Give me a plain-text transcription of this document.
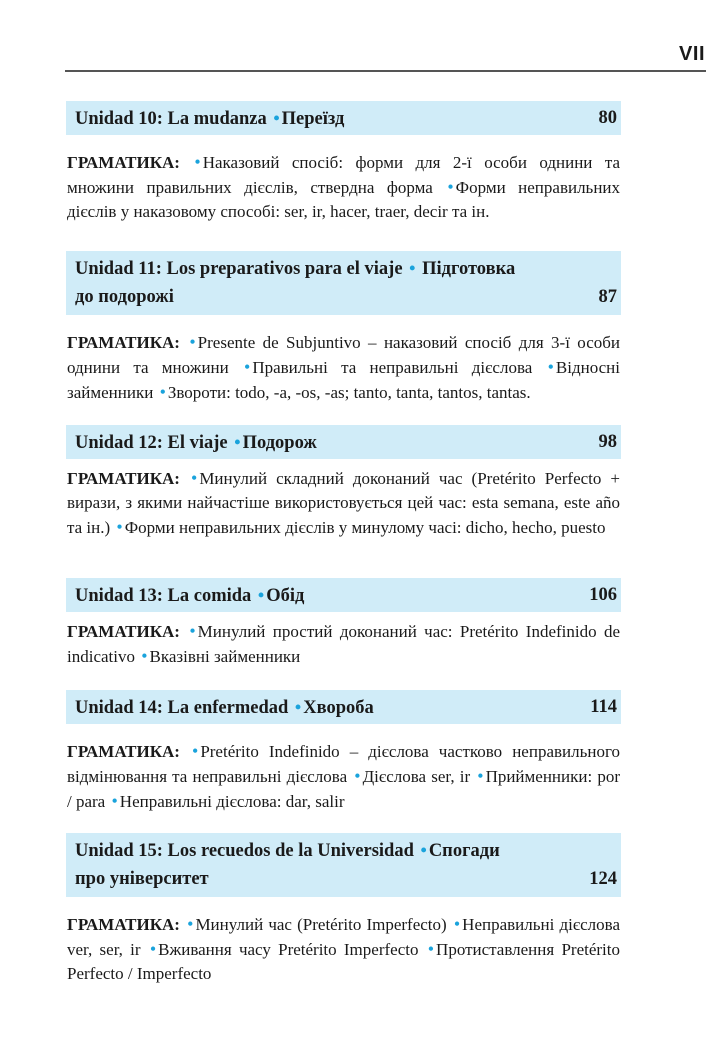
VII
Unidad 10: La mudanza • Переїзд	80
ГРАМАТИКА: • Наказовий спосіб: форми для 2-ї особи однини та множини правильних дієслів, стверднa форма • Форми неправильних дієслів у наказовому способі: ser, ir, hacer, traer, decir та ін.
Unidad 11: Los preparativos para el viaje • Підготовка
до подорожі	87
ГРАМАТИКА: • Presente de Subjuntivo – наказовий спосіб для 3-ї особи однини та множини • Правильні та неправильні дієслова • Відносні займенники • Звороти: todo, -a, -os, -as; tanto, tanta, tantos, tantas.
Unidad 12: El viaje • Подорож	98
ГРАМАТИКА: • Минулий складний доконаний час (Pretérito Perfecto + вирази, з якими найчастіше використовується цей час: esta semana, este año та ін.) • Форми неправильних дієслів у минулому часі: dicho, hecho, puesto
Unidad 13: La comida • Обід	106
ГРАМАТИКА: • Минулий простий доконаний час: Pretérito Indefinido de indicativo • Вказівні займенники
Unidad 14: La enfermedad • Хвороба	114
ГРАМАТИКА: • Pretérito Indefinido – дієслова частково неправильного відмінювання та неправильні дієслова • Дієслова ser, ir • Прийменники: por / para • Неправильні дієслова: dar, salir
Unidad 15: Los recuedos de la Universidad • Спогади
про університет	124
ГРАМАТИКА: • Минулий час (Pretérito Imperfecto) • Неправильні дієслова ver, ser, ir • Вживання часу Pretérito Imperfecto • Протиставлення Pretérito Perfecto / Imperfecto
